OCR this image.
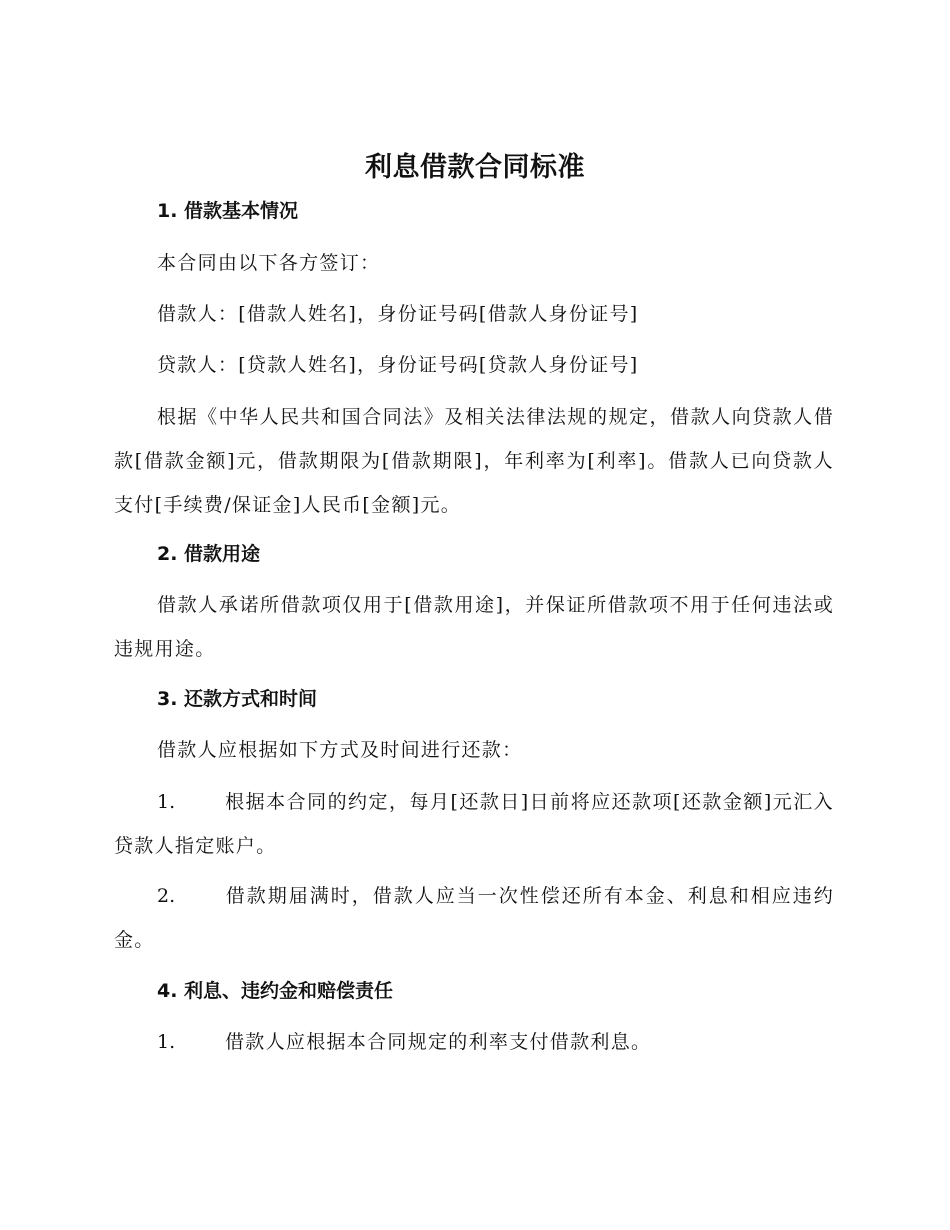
利息借款合同标准
1. 借款基本情况
本合同由以下各方签订：
借款人：[借款人姓名]，身份证号码[借款人身份证号]
贷款人：[贷款人姓名]，身份证号码[贷款人身份证号]

根据《中华人民共和国合同法》及相关法律法规的规定，借款人向贷款人借款[借款金额]元，借款期限为[借款期限]，年利率为[利率]。借款人已向贷款人支付[手续费/保证金]人民币[金额]元。

2. 借款用途

借款人承诺所借款项仅用于[借款用途]，并保证所借款项不用于任何违法或违规用途。

3. 还款方式和时间
借款人应根据如下方式及时间进行还款：

1.	根据本合同的约定，每月[还款日]日前将应还款项[还款金额]元汇入贷款人指定账户。

2.	借款期届满时，借款人应当一次性偿还所有本金、利息和相应违约金。

4. 利息、违约金和赔偿责任

1.	借款人应根据本合同规定的利率支付借款利息。
